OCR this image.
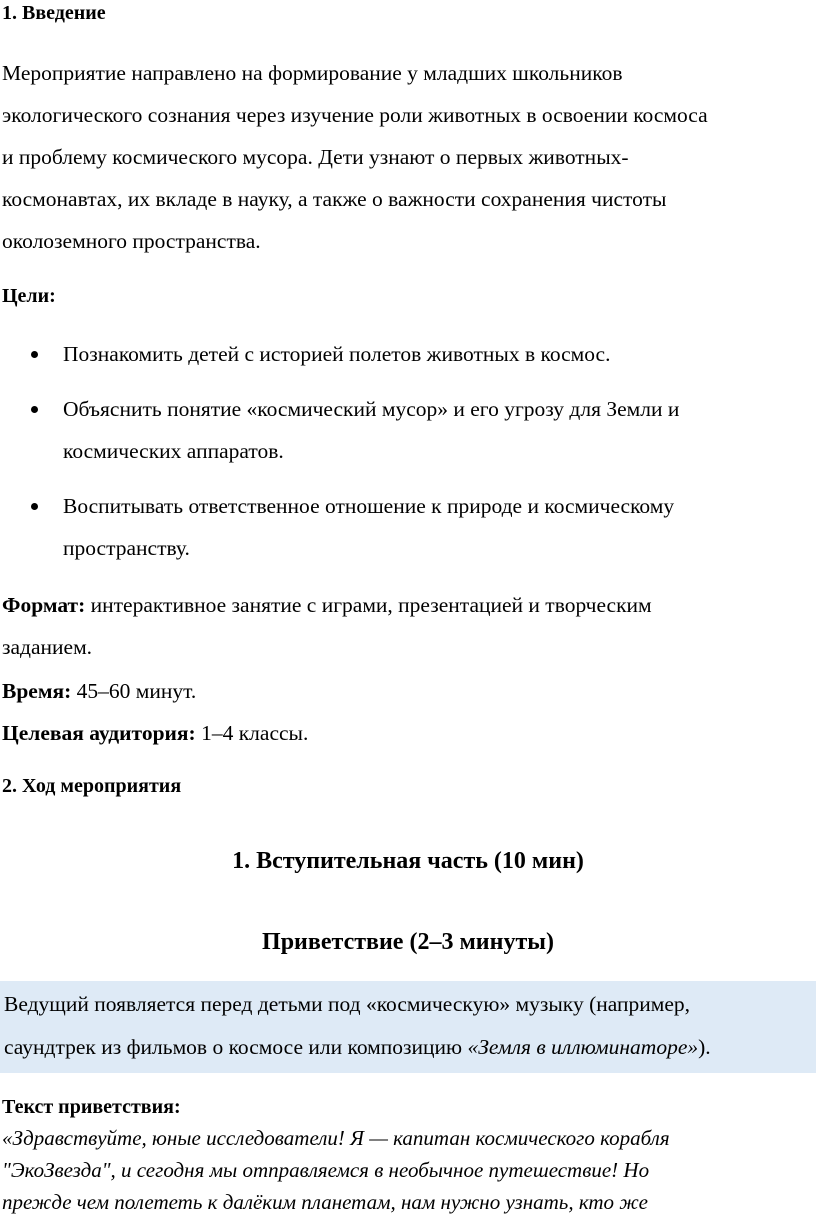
1. Введение
Мероприятие направлено на формирование у младших школьников
экологического сознания через изучение роли животных в освоении космоса
и проблему космического мусора. Дети узнают о первых животных-
космонавтах, их вкладе в науку, а также о важности сохранения чистоты
околоземного пространства.
Цели:
Познакомить детей с историей полетов животных в космос.
Объяснить понятие «космический мусор» и его угрозу для Земли и
космических аппаратов.
Воспитывать ответственное отношение к природе и космическому
пространству.
Формат: интерактивное занятие с играми, презентацией и творческим
заданием.
Время: 45–60 минут.
Целевая аудитория: 1–4 классы.
2. Ход мероприятия
1. Вступительная часть (10 мин)
Приветствие (2–3 минуты)
Ведущий появляется перед детьми под «космическую» музыку (например,
саундтрек из фильмов о космосе или композицию «Земля в иллюминаторе»).
Текст приветствия:
«Здравствуйте, юные исследователи! Я — капитан космического корабля
"ЭкоЗвезда", и сегодня мы отправляемся в необычное путешествие! Но
прежде чем полететь к далёким планетам, нам нужно узнать, кто же
